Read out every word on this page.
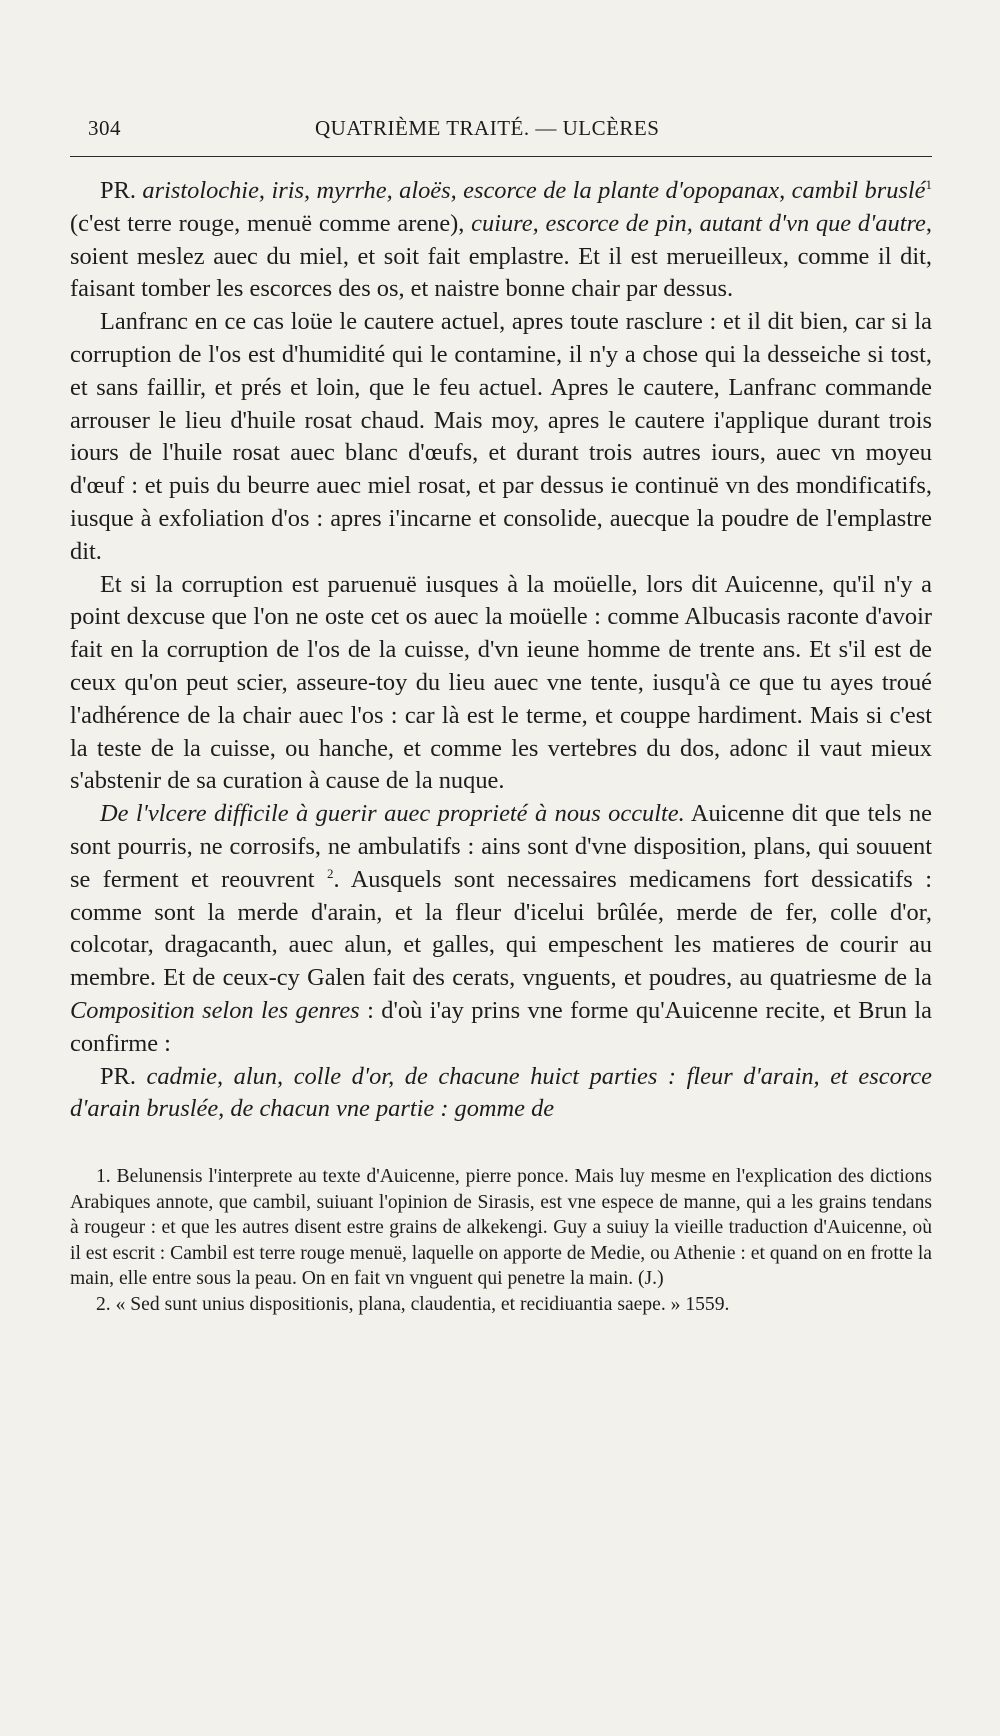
304	QUATRIÈME TRAITÉ. — ULCÈRES

PR. aristolochie, iris, myrrhe, aloës, escorce de la plante d'opopanax, cambil bruslé$^1$ (c'est terre rouge, menuë comme arene), cuiure, escorce de pin, autant d'vn que d'autre, soient meslez auec du miel, et soit fait emplastre. Et il est merueilleux, comme il dit, faisant tomber les escorces des os, et naistre bonne chair par dessus.

Lanfranc en ce cas loüe le cautere actuel, apres toute rasclure : et il dit bien, car si la corruption de l'os est d'humidité qui le contamine, il n'y a chose qui la desseiche si tost, et sans faillir, et prés et loin, que le feu actuel. Apres le cautere, Lanfranc commande arrouser le lieu d'huile rosat chaud. Mais moy, apres le cautere i'applique durant trois iours de l'huile rosat auec blanc d'œufs, et durant trois autres iours, auec vn moyeu d'œuf : et puis du beurre auec miel rosat, et par dessus ie continuë vn des mondificatifs, iusque à exfoliation d'os : apres i'incarne et consolide, auecque la poudre de l'emplastre dit.

Et si la corruption est paruenuë iusques à la moüelle, lors dit Auicenne, qu'il n'y a point dexcuse que l'on ne oste cet os auec la moüelle : comme Albucasis raconte d'avoir fait en la corruption de l'os de la cuisse, d'vn ieune homme de trente ans. Et s'il est de ceux qu'on peut scier, asseure-toy du lieu auec vne tente, iusqu'à ce que tu ayes troué l'adhérence de la chair auec l'os : car là est le terme, et couppe hardiment. Mais si c'est la teste de la cuisse, ou hanche, et comme les vertebres du dos, adonc il vaut mieux s'abstenir de sa curation à cause de la nuque.

De l'vlcere difficile à guerir auec proprieté à nous occulte. Auicenne dit que tels ne sont pourris, ne corrosifs, ne ambulatifs : ains sont d'vne disposition, plans, qui souuent se ferment et reouvrent $^2$. Ausquels sont necessaires medicamens fort dessicatifs : comme sont la merde d'arain, et la fleur d'icelui brûlée, merde de fer, colle d'or, colcotar, dragacanth, auec alun, et galles, qui empeschent les matieres de courir au membre. Et de ceux-cy Galen fait des cerats, vnguents, et poudres, au quatriesme de la Composition selon les genres : d'où i'ay prins vne forme qu'Auicenne recite, et Brun la confirme :

PR. cadmie, alun, colle d'or, de chacune huict parties : fleur d'arain, et escorce d'arain bruslée, de chacun vne partie : gomme de

1. Belunensis l'interprete au texte d'Auicenne, pierre ponce. Mais luy mesme en l'explication des dictions Arabiques annote, que cambil, suiuant l'opinion de Sirasis, est vne espece de manne, qui a les grains tendans à rougeur : et que les autres disent estre grains de alkekengi. Guy a suiuy la vieille traduction d'Auicenne, où il est escrit : Cambil est terre rouge menuë, laquelle on apporte de Medie, ou Athenie : et quand on en frotte la main, elle entre sous la peau. On en fait vn vnguent qui penetre la main. (J.)

2. « Sed sunt unius dispositionis, plana, claudentia, et recidiuantia saepe. » 1559.
